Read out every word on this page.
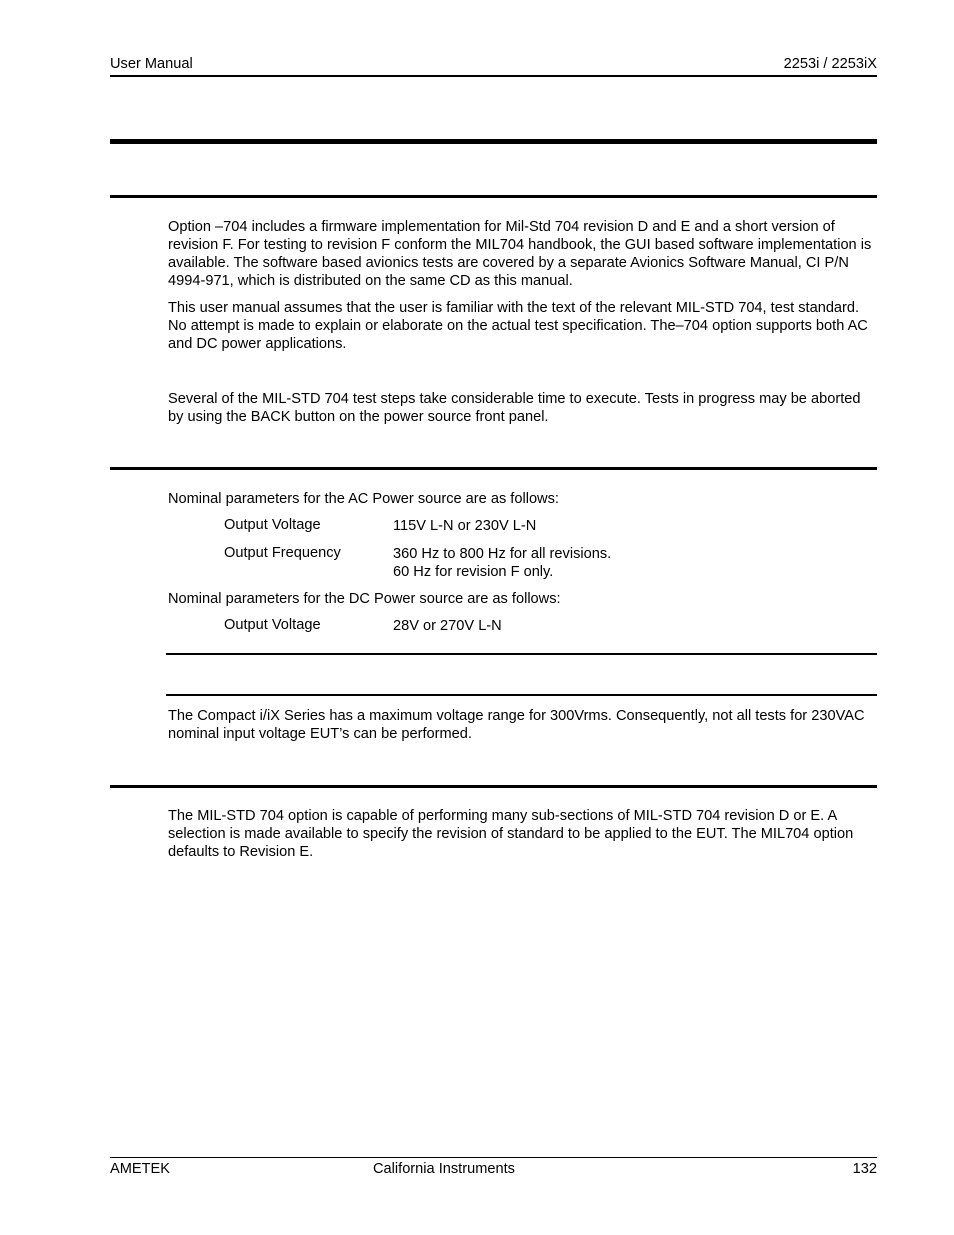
User Manual	2253i / 2253iX

Option –704 includes a firmware implementation for Mil-Std 704 revision D and E and a short version of revision F. For testing to revision F conform the MIL704 handbook, the GUI based software implementation is available. The software based avionics tests are covered by a separate Avionics Software Manual, CI P/N 4994-971, which is distributed on the same CD as this manual.

This user manual assumes that the user is familiar with the text of the relevant MIL-STD 704, test standard. No attempt is made to explain or elaborate on the actual test specification. The–704 option supports both AC and DC power applications.

Several of the MIL-STD 704 test steps take considerable time to execute. Tests in progress may be aborted by using the BACK button on the power source front panel.

Nominal parameters for the AC Power source are as follows:

Output Voltage	115V L-N or 230V L-N
Output Frequency	360 Hz to 800 Hz for all revisions.
60 Hz for revision F only.

Nominal parameters for the DC Power source are as follows:

Output Voltage	28V or 270V L-N

The Compact i/iX Series has a maximum voltage range for 300Vrms. Consequently, not all tests for 230VAC nominal input voltage EUT’s can be performed.

The MIL-STD 704 option is capable of performing many sub-sections of MIL-STD 704 revision D or E. A selection is made available to specify the revision of standard to be applied to the EUT. The MIL704 option defaults to Revision E.

AMETEK	California Instruments	132
